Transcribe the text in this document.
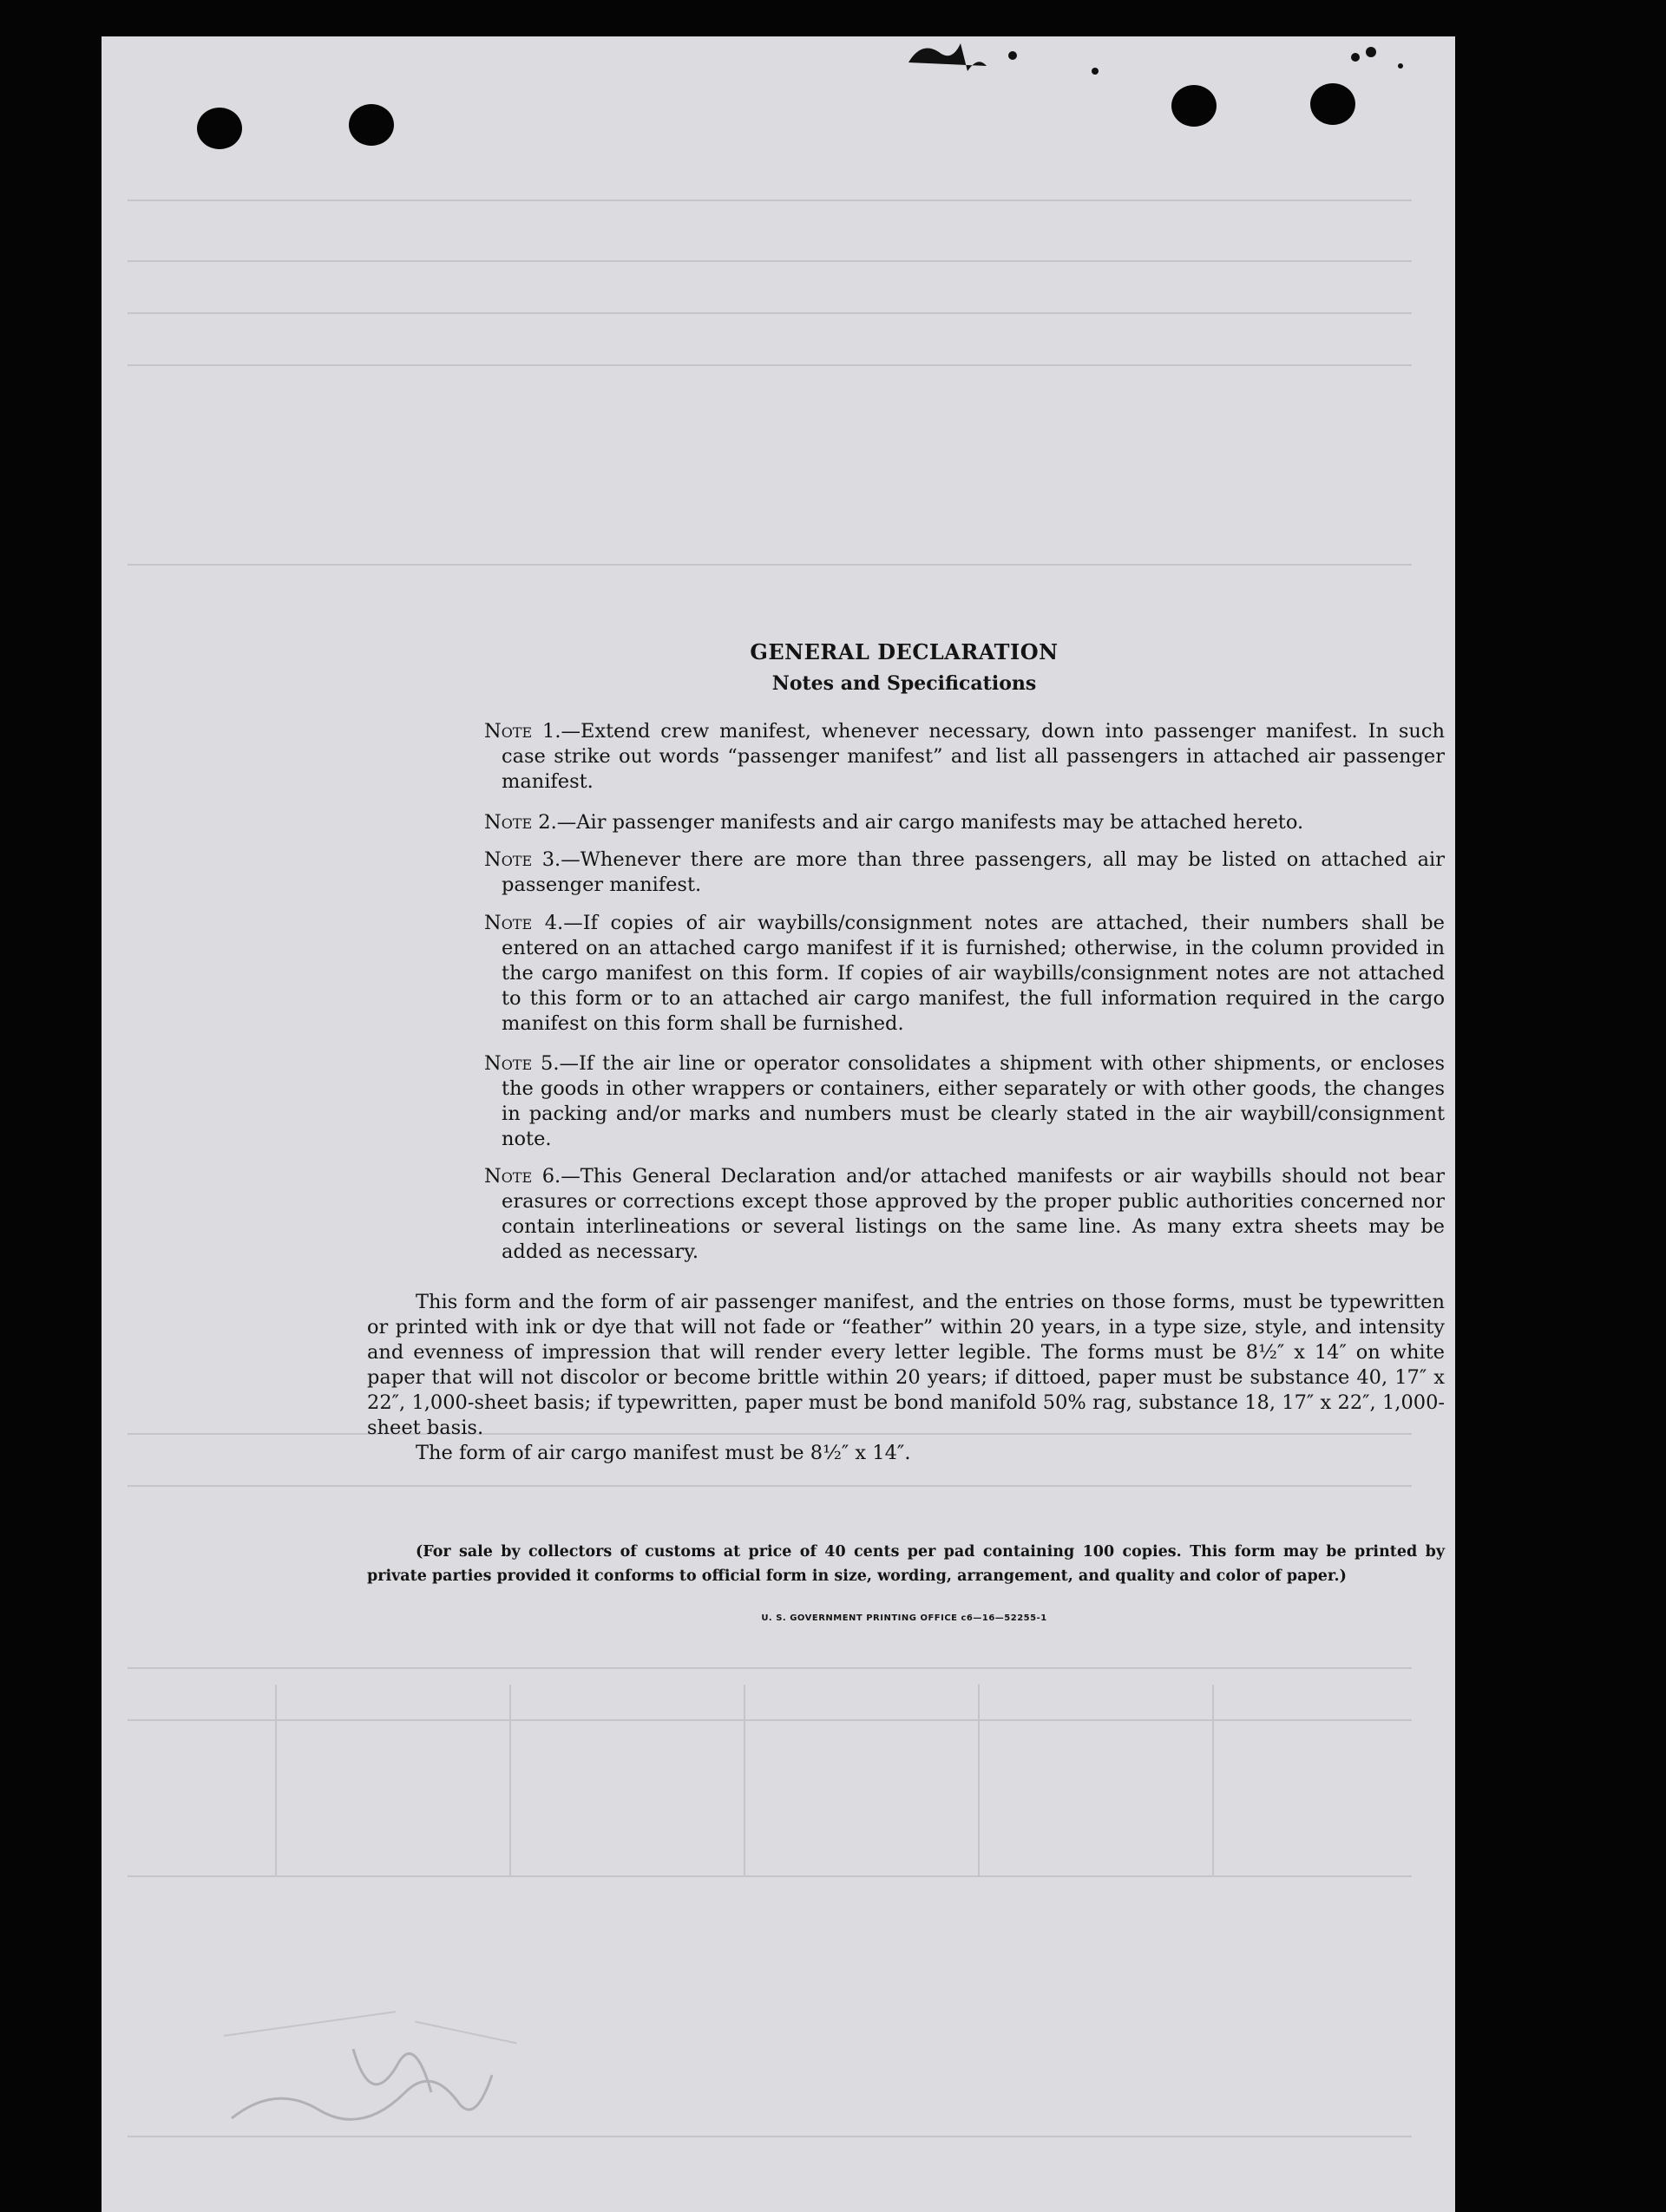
GENERAL DECLARATION
Notes and Specifications
Note 1.—Extend crew manifest, whenever necessary, down into passenger manifest. In such case strike out words “passenger manifest” and list all passengers in attached air passenger manifest.
Note 2.—Air passenger manifests and air cargo manifests may be attached hereto.
Note 3.—Whenever there are more than three passengers, all may be listed on attached air passenger manifest.
Note 4.—If copies of air waybills/consignment notes are attached, their numbers shall be entered on an attached cargo manifest if it is furnished; otherwise, in the column provided in the cargo manifest on this form. If copies of air waybills/consignment notes are not attached to this form or to an attached air cargo manifest, the full information required in the cargo manifest on this form shall be furnished.
Note 5.—If the air line or operator consolidates a shipment with other shipments, or encloses the goods in other wrappers or containers, either separately or with other goods, the changes in packing and/or marks and numbers must be clearly stated in the air waybill/consignment note.
Note 6.—This General Declaration and/or attached manifests or air waybills should not bear erasures or corrections except those approved by the proper public authorities concerned nor contain interlineations or several listings on the same line. As many extra sheets may be added as necessary.
This form and the form of air passenger manifest, and the entries on those forms, must be typewritten or printed with ink or dye that will not fade or “feather” within 20 years, in a type size, style, and intensity and evenness of impression that will render every letter legible. The forms must be 8½″ x 14″ on white paper that will not discolor or become brittle within 20 years; if dittoed, paper must be substance 40, 17″ x 22″, 1,000-sheet basis; if typewritten, paper must be bond manifold 50% rag, substance 18, 17″ x 22″, 1,000-sheet basis.
The form of air cargo manifest must be 8½″ x 14″.
(For sale by collectors of customs at price of 40 cents per pad containing 100 copies. This form may be printed by private parties provided it conforms to official form in size, wording, arrangement, and quality and color of paper.)
U. S. GOVERNMENT PRINTING OFFICE c6—16—52255-1
